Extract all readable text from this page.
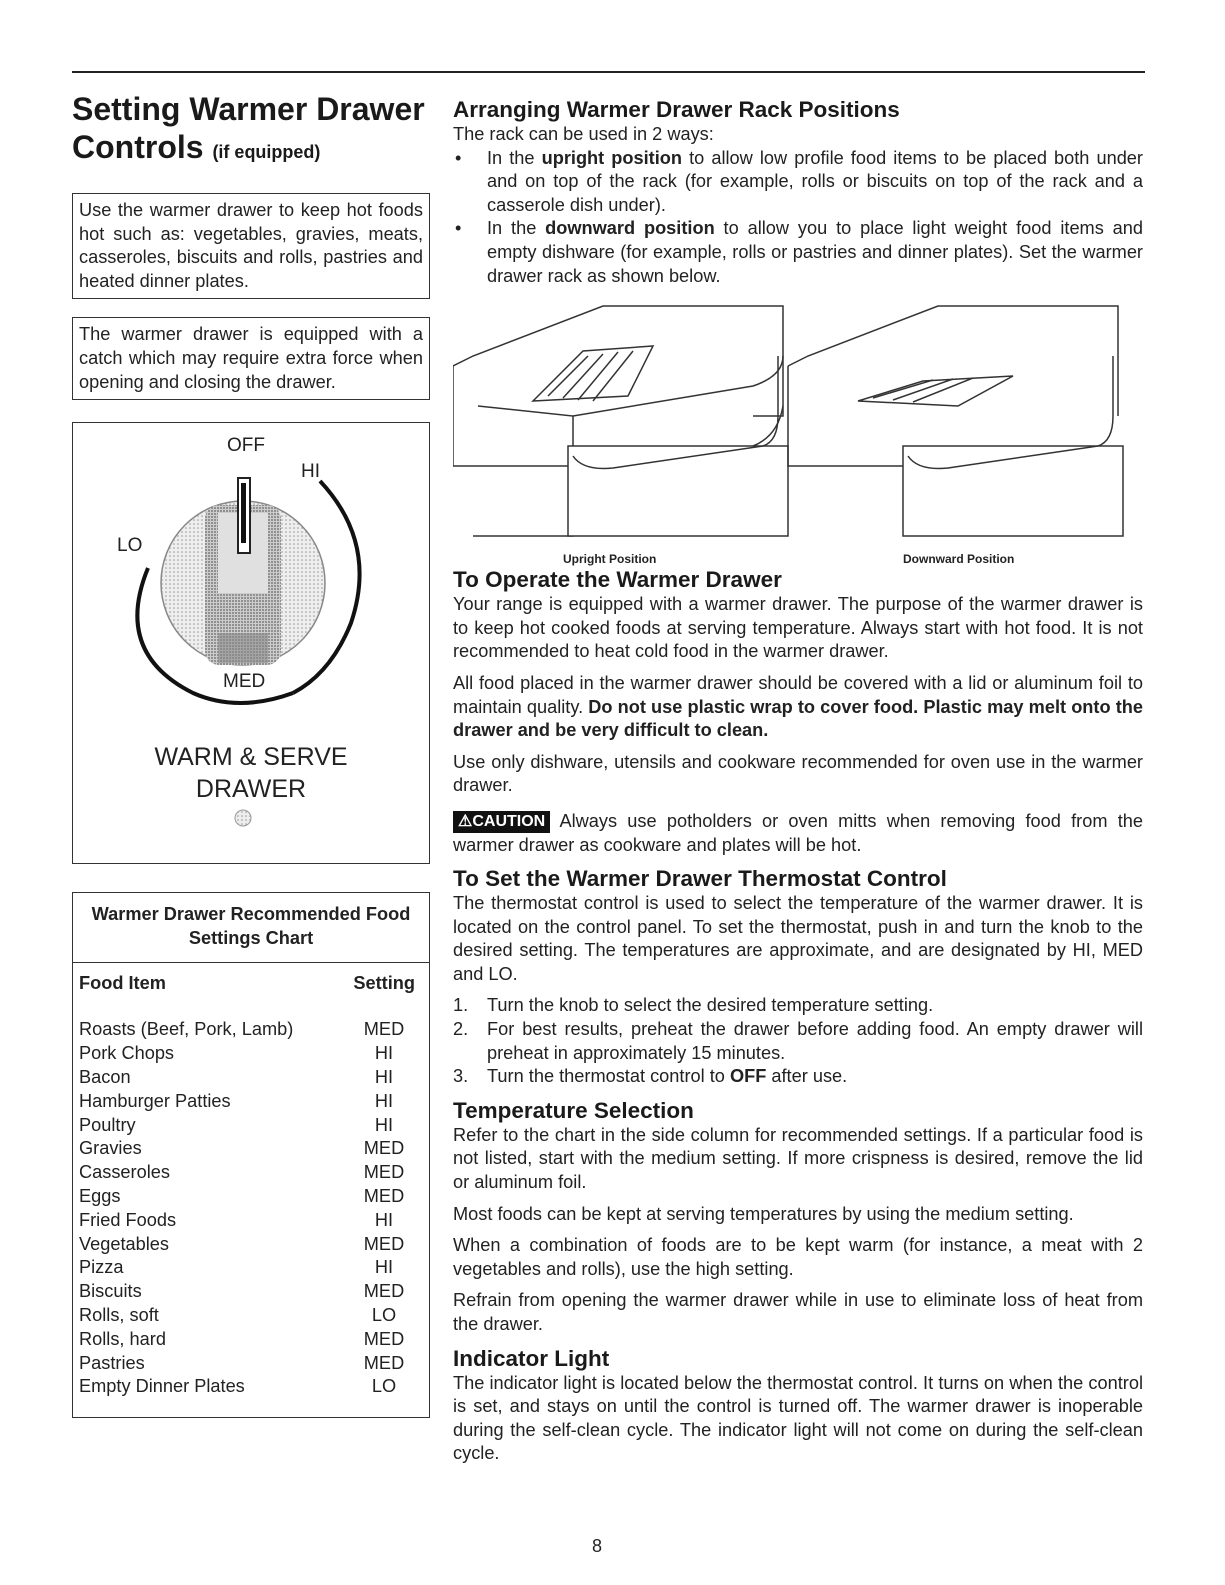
Setting Warmer Drawer
Controls (if equipped)
Use the warmer drawer to keep hot foods hot such as: vegetables, gravies, meats, casseroles, biscuits and rolls, pastries and heated dinner plates.
The warmer drawer is equipped with a catch which may require extra force when opening and closing the drawer.
OFF
HI
LO
MED
WARM & SERVE
DRAWER
Warmer Drawer Recommended Food Settings Chart
Food Item	Setting
Roasts (Beef, Pork, Lamb)	MED
Pork Chops	HI
Bacon	HI
Hamburger Patties	HI
Poultry	HI
Gravies	MED
Casseroles	MED
Eggs	MED
Fried Foods	HI
Vegetables	MED
Pizza	HI
Biscuits	MED
Rolls, soft	LO
Rolls, hard	MED
Pastries	MED
Empty Dinner Plates	LO
Arranging Warmer Drawer Rack Positions

The rack can be used in 2 ways:

• In the upright position to allow low profile food items to be placed both under and on top of the rack (for example, rolls or biscuits on top of the rack and a casserole dish under).
• In the downward position to allow you to place light weight food items and empty dishware (for example, rolls or pastries and dinner plates). Set the warmer drawer rack as shown below.
Upright Position	Downward Position
To Operate the Warmer Drawer

Your range is equipped with a warmer drawer. The purpose of the warmer drawer is to keep hot cooked foods at serving temperature. Always start with hot food. It is not recommended to heat cold food in the warmer drawer.

All food placed in the warmer drawer should be covered with a lid or aluminum foil to maintain quality. Do not use plastic wrap to cover food. Plastic may melt onto the drawer and be very difficult to clean.

Use only dishware, utensils and cookware recommended for oven use in the warmer drawer.

⚠CAUTION Always use potholders or oven mitts when removing food from the warmer drawer as cookware and plates will be hot.

To Set the Warmer Drawer Thermostat Control

The thermostat control is used to select the temperature of the warmer drawer. It is located on the control panel. To set the thermostat, push in and turn the knob to the desired setting. The temperatures are approximate, and are designated by HI, MED and LO.

1. Turn the knob to select the desired temperature setting.
2. For best results, preheat the drawer before adding food. An empty drawer will preheat in approximately 15 minutes.
3. Turn the thermostat control to OFF after use.
Temperature Selection

Refer to the chart in the side column for recommended settings. If a particular food is not listed, start with the medium setting. If more crispness is desired, remove the lid or aluminum foil.

Most foods can be kept at serving temperatures by using the medium setting.

When a combination of foods are to be kept warm (for instance, a meat with 2 vegetables and rolls), use the high setting.

Refrain from opening the warmer drawer while in use to eliminate loss of heat from the drawer.

Indicator Light

The indicator light is located below the thermostat control. It turns on when the control is set, and stays on until the control is turned off. The warmer drawer is inoperable during the self-clean cycle. The indicator light will not come on during the self-clean cycle.

8
